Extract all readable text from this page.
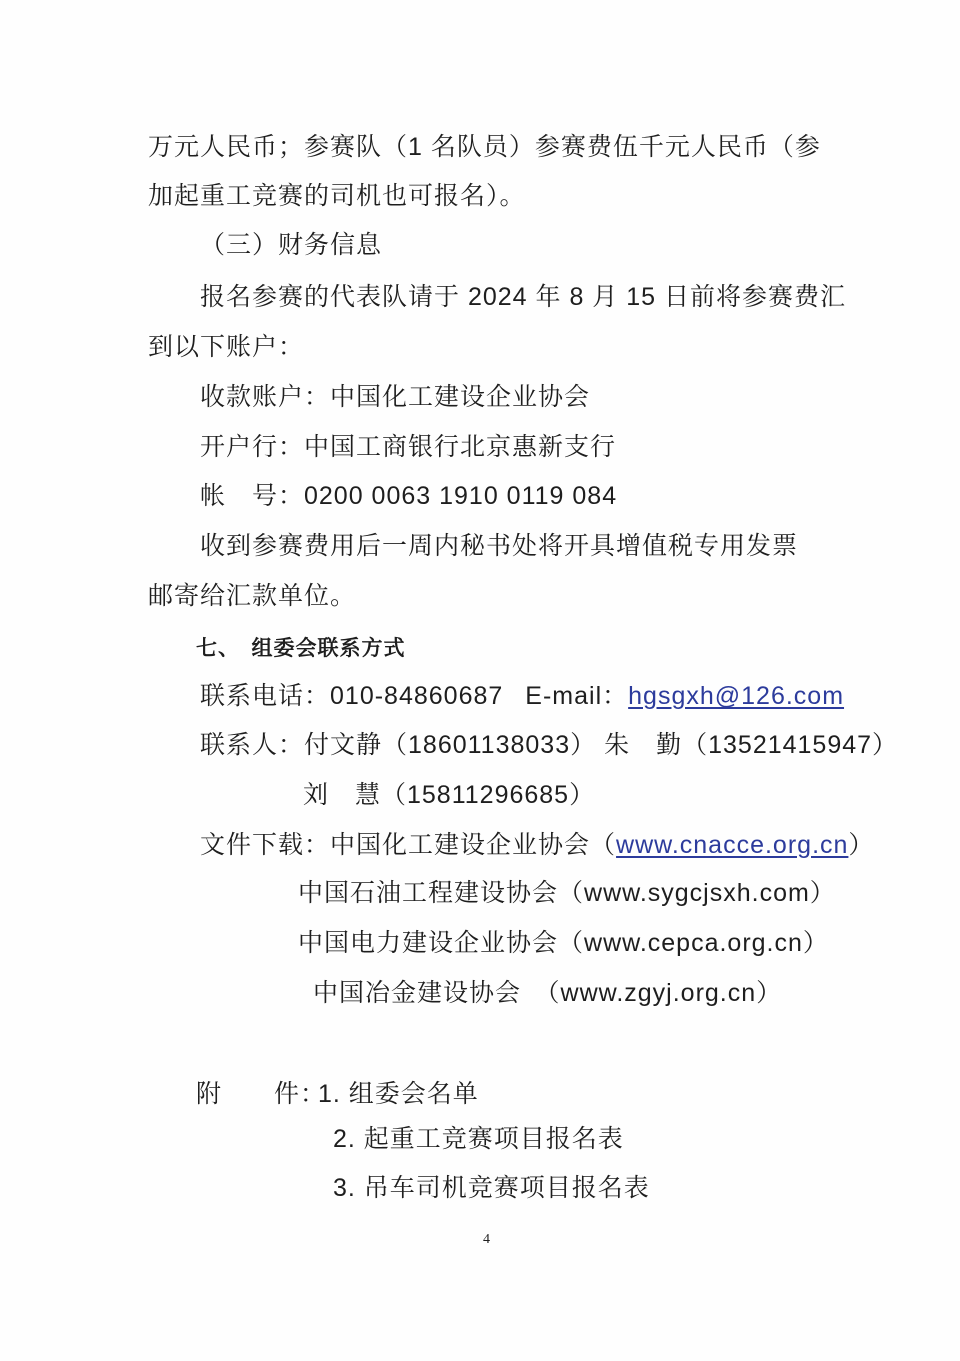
万元人民币；参赛队（1 名队员）参赛费伍千元人民币（参
加起重工竞赛的司机也可报名）。
（三）财务信息
报名参赛的代表队请于 2024 年 8 月 15 日前将参赛费汇
到以下账户：
收款账户：中国化工建设企业协会
开户行：中国工商银行北京惠新支行
帐　号：0200 0063 1910 0119 084
收到参赛费用后一周内秘书处将开具增值税专用发票
邮寄给汇款单位。
七、　组委会联系方式
联系电话：010-84860687 E-mail：hgsgxh@126.com
联系人：付文静（18601138033） 朱　勤（13521415947）
刘　慧（15811296685）
文件下载：中国化工建设企业协会（www.cnacce.org.cn）
中国石油工程建设协会（www.sygcjsxh.com）
中国电力建设企业协会（www.cepca.org.cn）
中国冶金建设协会　（www.zgyj.org.cn）
附　　件：
1. 组委会名单
2. 起重工竞赛项目报名表
3. 吊车司机竞赛项目报名表
4
